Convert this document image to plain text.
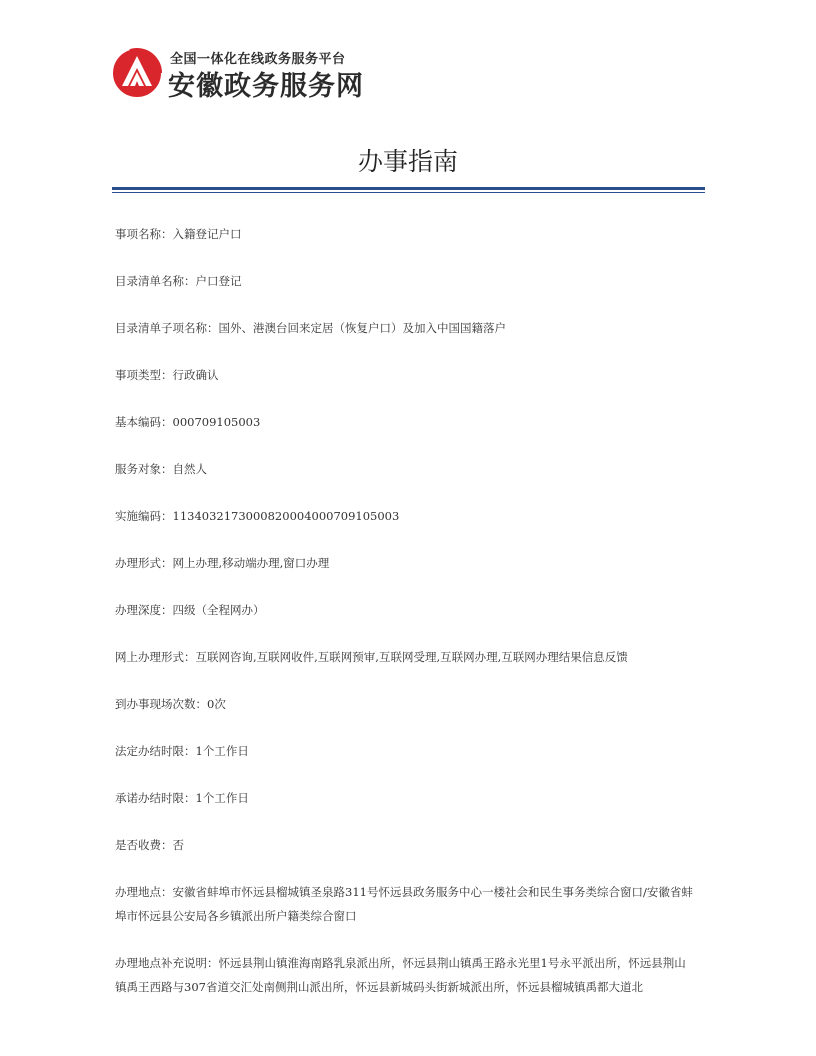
全国一体化在线政务服务平台
安徽政务服务网
办事指南
事项名称：入籍登记户口
目录清单名称：户口登记
目录清单子项名称：国外、港澳台回来定居（恢复户口）及加入中国国籍落户
事项类型：行政确认
基本编码：000709105003
服务对象：自然人
实施编码：1134032173000820004000709105003
办理形式：网上办理,移动端办理,窗口办理
办理深度：四级（全程网办）
网上办理形式：互联网咨询,互联网收件,互联网预审,互联网受理,互联网办理,互联网办理结果信息反馈
到办事现场次数：0次
法定办结时限：1个工作日
承诺办结时限：1个工作日
是否收费：否
办理地点：安徽省蚌埠市怀远县榴城镇圣泉路311号怀远县政务服务中心一楼社会和民生事务类综合窗口/安徽省蚌埠市怀远县公安局各乡镇派出所户籍类综合窗口
办理地点补充说明：怀远县荆山镇淮海南路乳泉派出所，怀远县荆山镇禹王路永光里1号永平派出所，怀远县荆山镇禹王西路与307省道交汇处南侧荆山派出所，怀远县新城码头街新城派出所，怀远县榴城镇禹都大道北
